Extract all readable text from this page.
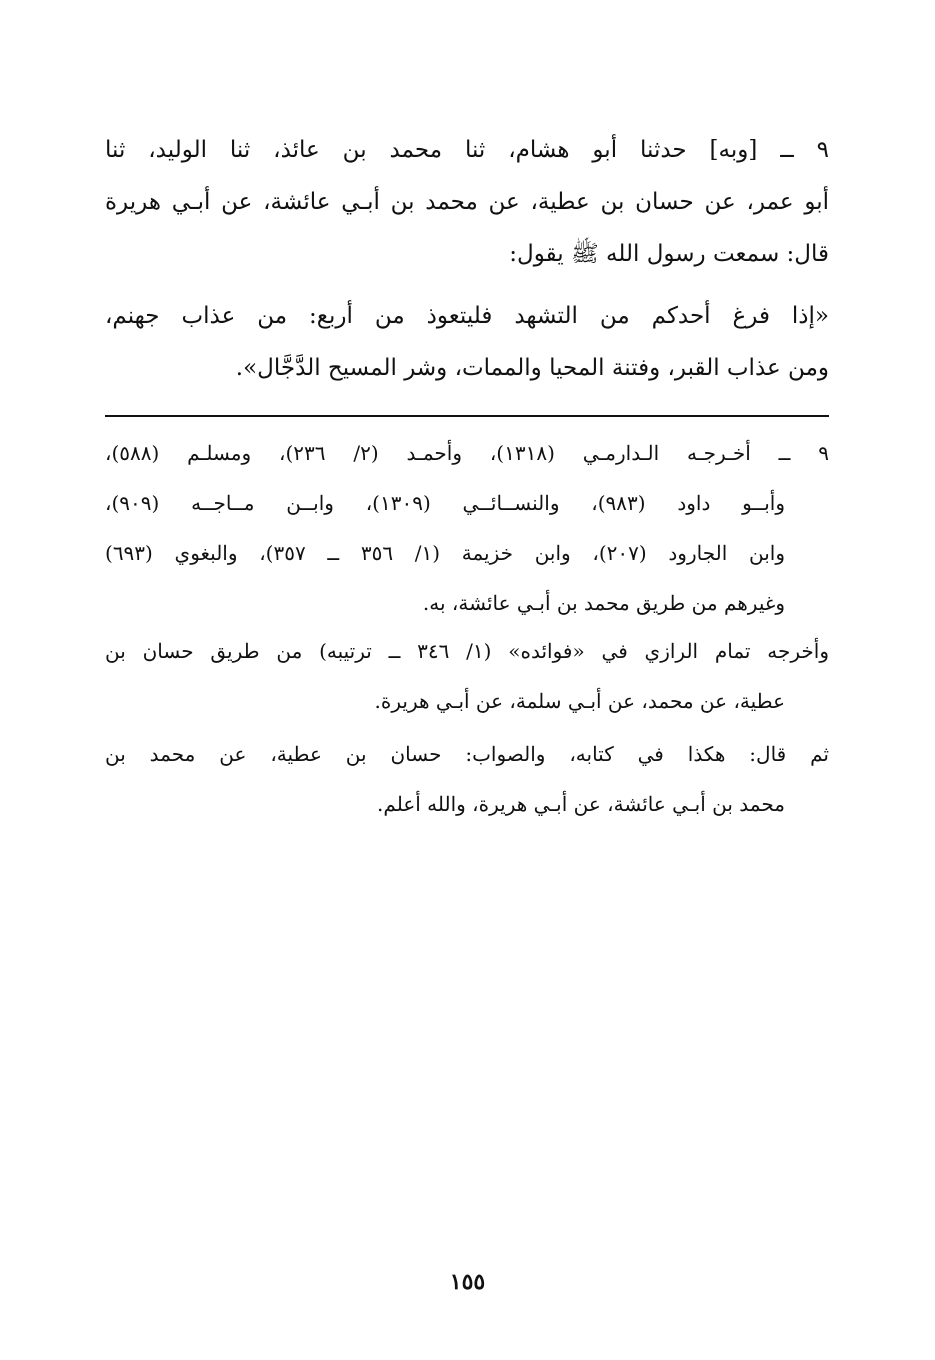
٩ ــ [وبه] حدثنا أبو هشام، ثنا محمد بن عائذ، ثنا الوليد، ثنا
أبو عمر، عن حسان بن عطية، عن محمد بن أبـي عائشة، عن أبـي هريرة
قال: سمعت رسول الله ﷺ يقول:
«إذا فرغ أحدكم من التشهد فليتعوذ من أربع: من عذاب جهنم،
ومن عذاب القبر، وفتنة المحيا والممات، وشر المسيح الدَّجَّال».
٩ ــ أخـرجـه الـدارمـي (١٣١٨)، وأحمـد (٢/ ٢٣٦)، ومسلـم (٥٨٨)،
وأبــو داود (٩٨٣)، والنســائــي (١٣٠٩)، وابــن مــاجــه (٩٠٩)،
وابن الجارود (٢٠٧)، وابن خزيمة (١/ ٣٥٦ ــ ٣٥٧)، والبغوي (٦٩٣)
وغيرهم من طريق محمد بن أبـي عائشة، به.
وأخرجه تمام الرازي في «فوائده» (١/ ٣٤٦ ــ ترتيبه) من طريق حسان بن
عطية، عن محمد، عن أبـي سلمة، عن أبـي هريرة.
ثم قال: هكذا في كتابه، والصواب: حسان بن عطية، عن محمد بن
محمد بن أبـي عائشة، عن أبـي هريرة، والله أعلم.
١٥٥
